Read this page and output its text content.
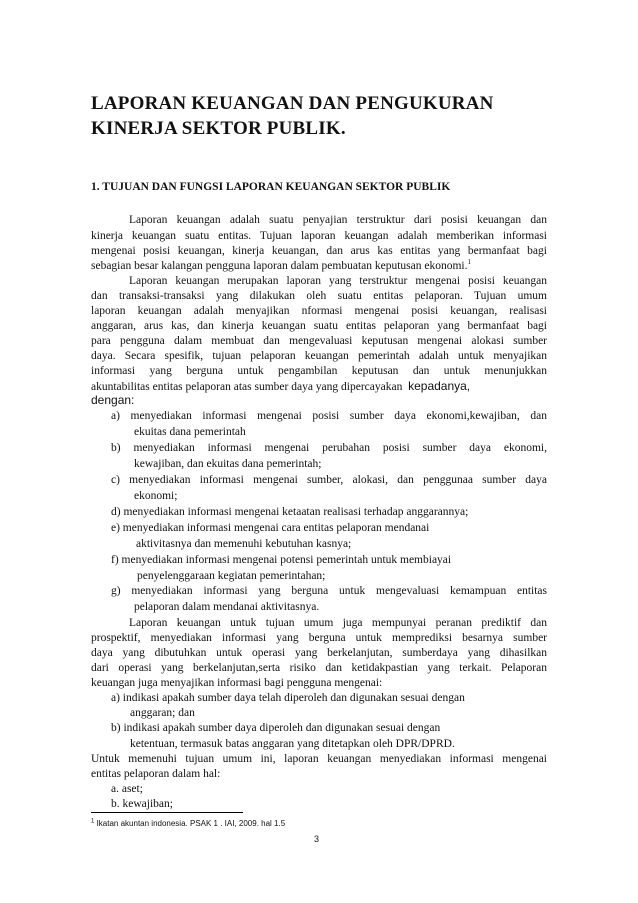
LAPORAN KEUANGAN DAN PENGUKURAN
KINERJA SEKTOR PUBLIK.
1. TUJUAN DAN FUNGSI LAPORAN KEUANGAN SEKTOR PUBLIK
Laporan keuangan adalah suatu penyajian terstruktur dari posisi keuangan dan
kinerja keuangan suatu entitas. Tujuan laporan keuangan adalah memberikan informasi
mengenai posisi keuangan, kinerja keuangan, dan arus kas entitas yang bermanfaat bagi
sebagian besar kalangan pengguna laporan dalam pembuatan keputusan ekonomi.$^1$
Laporan keuangan merupakan laporan yang terstruktur mengenai posisi keuangan
dan transaksi-transaksi yang dilakukan oleh suatu entitas pelaporan. Tujuan umum
laporan keuangan adalah menyajikan nformasi mengenai posisi keuangan, realisasi
anggaran, arus kas, dan kinerja keuangan suatu entitas pelaporan yang bermanfaat bagi
para pengguna dalam membuat dan mengevaluasi keputusan mengenai alokasi sumber
daya. Secara spesifik, tujuan pelaporan keuangan pemerintah adalah untuk menyajikan
informasi yang berguna untuk pengambilan keputusan dan untuk menunjukkan
akuntabilitas entitas pelaporan atas sumber daya yang dipercayakan kepadanya,
dengan:
a) menyediakan informasi mengenai posisi sumber daya ekonomi,kewajiban, dan
ekuitas dana pemerintah
b) menyediakan informasi mengenai perubahan posisi sumber daya ekonomi,
kewajiban, dan ekuitas dana pemerintah;
c) menyediakan informasi mengenai sumber, alokasi, dan penggunaa sumber daya
ekonomi;
d) menyediakan informasi mengenai ketaatan realisasi terhadap anggarannya;
e) menyediakan informasi mengenai cara entitas pelaporan mendanai
aktivitasnya dan memenuhi kebutuhan kasnya;
f) menyediakan informasi mengenai potensi pemerintah untuk membiayai
penyelenggaraan kegiatan pemerintahan;
g) menyediakan informasi yang berguna untuk mengevaluasi kemampuan entitas
pelaporan dalam mendanai aktivitasnya.
Laporan keuangan untuk tujuan umum juga mempunyai peranan prediktif dan
prospektif, menyediakan informasi yang berguna untuk memprediksi besarnya sumber
daya yang dibutuhkan untuk operasi yang berkelanjutan, sumberdaya yang dihasilkan
dari operasi yang berkelanjutan,serta risiko dan ketidakpastian yang terkait. Pelaporan
keuangan juga menyajikan informasi bagi pengguna mengenai:
a) indikasi apakah sumber daya telah diperoleh dan digunakan sesuai dengan
anggaran; dan
b) indikasi apakah sumber daya diperoleh dan digunakan sesuai dengan
ketentuan, termasuk batas anggaran yang ditetapkan oleh DPR/DPRD.
Untuk memenuhi tujuan umum ini, laporan keuangan menyediakan informasi mengenai
entitas pelaporan dalam hal:
a. aset;
$^1$ Ikatan akuntan indonesia. PSAK 1 . IAI, 2009. hal 1.5
3
b. kewajiban;
